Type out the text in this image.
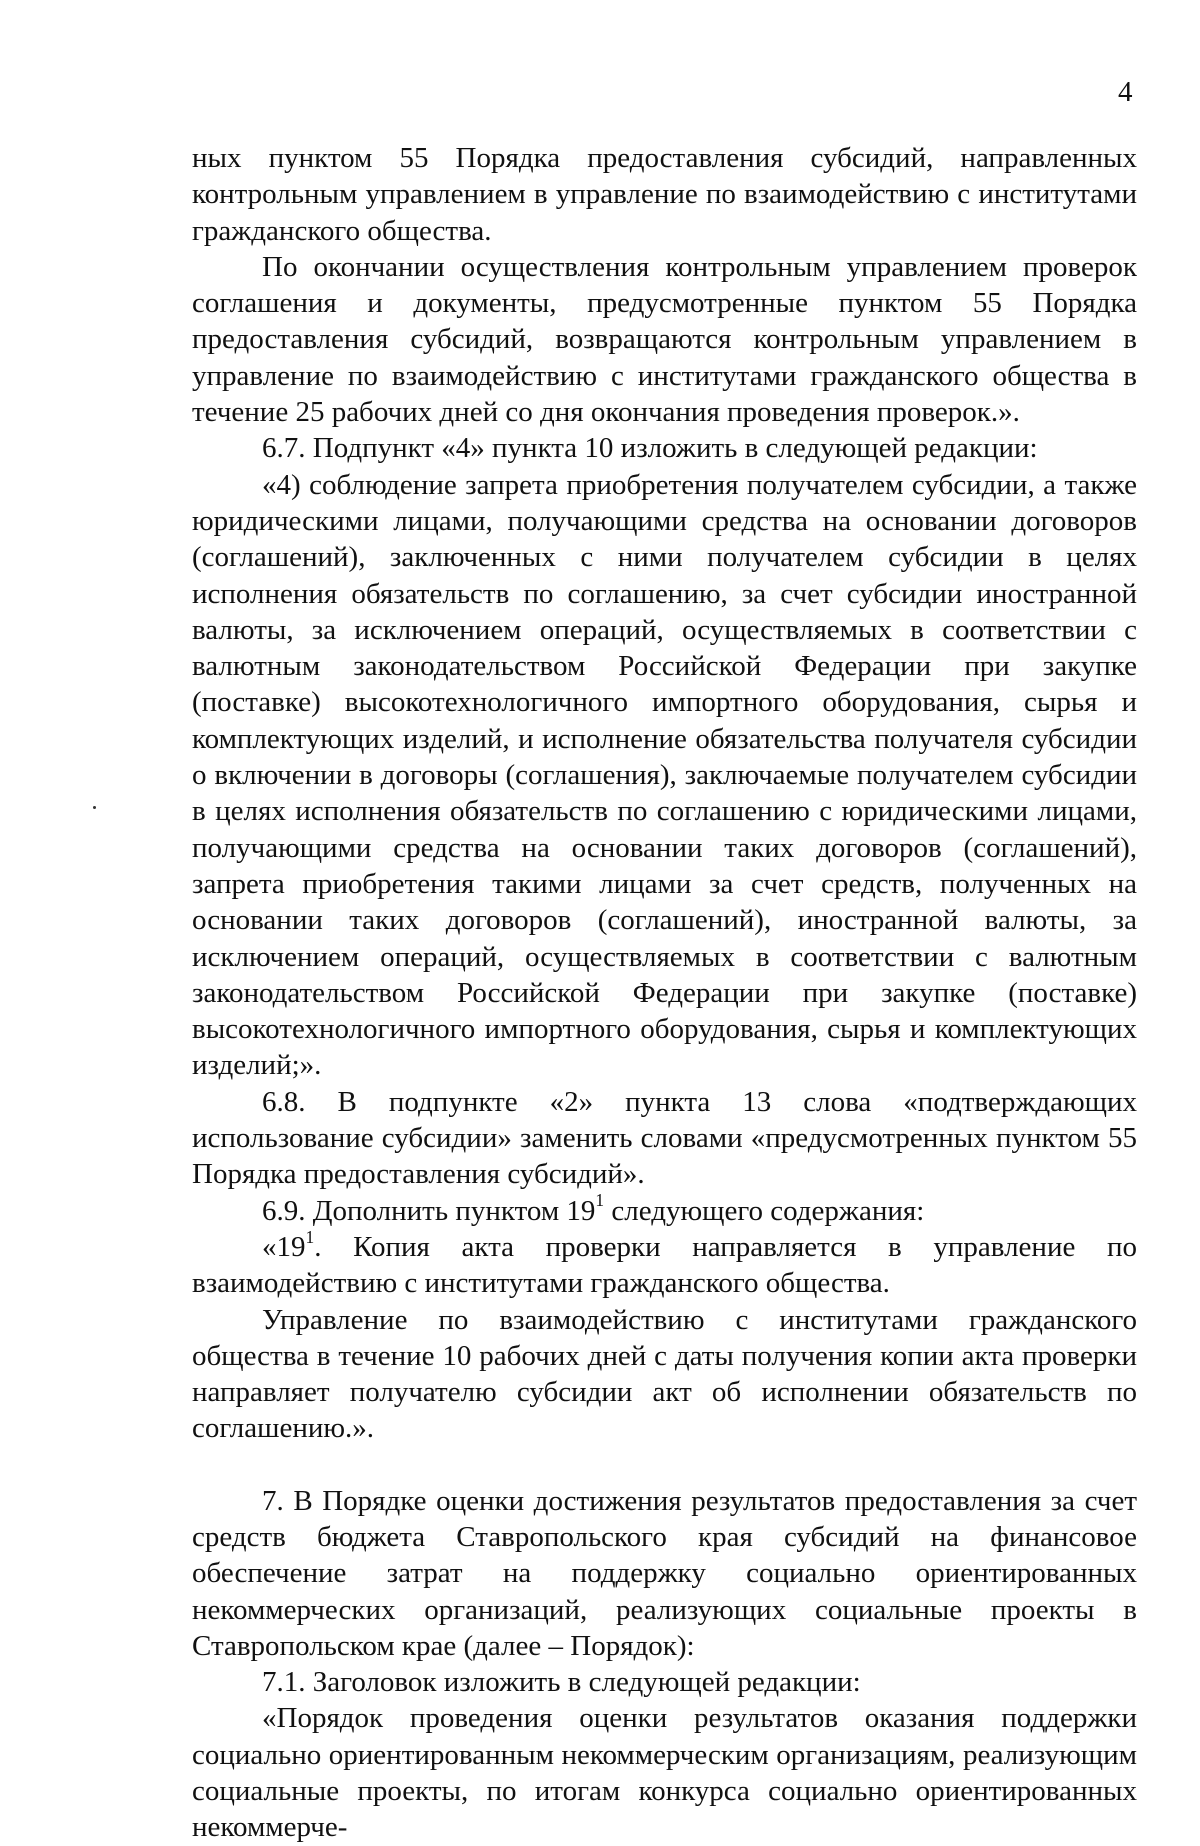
4

ных пунктом 55 Порядка предоставления субсидий, направленных контрольным управлением в управление по взаимодействию с институтами гражданского общества.

По окончании осуществления контрольным управлением проверок соглашения и документы, предусмотренные пунктом 55 Порядка предоставления субсидий, возвращаются контрольным управлением в управление по взаимодействию с институтами гражданского общества в течение 25 рабочих дней со дня окончания проведения проверок.».

6.7. Подпункт «4» пункта 10 изложить в следующей редакции:

«4) соблюдение запрета приобретения получателем субсидии, а также юридическими лицами, получающими средства на основании договоров (соглашений), заключенных с ними получателем субсидии в целях исполнения обязательств по соглашению, за счет субсидии иностранной валюты, за исключением операций, осуществляемых в соответствии с валютным законодательством Российской Федерации при закупке (поставке) высокотехнологичного импортного оборудования, сырья и комплектующих изделий, и исполнение обязательства получателя субсидии о включении в договоры (соглашения), заключаемые получателем субсидии в целях исполнения обязательств по соглашению с юридическими лицами, получающими средства на основании таких договоров (соглашений), запрета приобретения такими лицами за счет средств, полученных на основании таких договоров (соглашений), иностранной валюты, за исключением операций, осуществляемых в соответствии с валютным законодательством Российской Федерации при закупке (поставке) высокотехнологичного импортного оборудования, сырья и комплектующих изделий;».

6.8. В подпункте «2» пункта 13 слова «подтверждающих использование субсидии» заменить словами «предусмотренных пунктом 55 Порядка предоставления субсидий».

6.9. Дополнить пунктом $19^1$ следующего содержания:

«$19^1$. Копия акта проверки направляется в управление по взаимодействию с институтами гражданского общества.

Управление по взаимодействию с институтами гражданского общества в течение 10 рабочих дней с даты получения копии акта проверки направляет получателю субсидии акт об исполнении обязательств по соглашению.».

7. В Порядке оценки достижения результатов предоставления за счет средств бюджета Ставропольского края субсидий на финансовое обеспечение затрат на поддержку социально ориентированных некоммерческих организаций, реализующих социальные проекты в Ставропольском крае (далее – Порядок):

7.1. Заголовок изложить в следующей редакции:

«Порядок проведения оценки результатов оказания поддержки социально ориентированным некоммерческим организациям, реализующим социальные проекты, по итогам конкурса социально ориентированных некоммерче-
